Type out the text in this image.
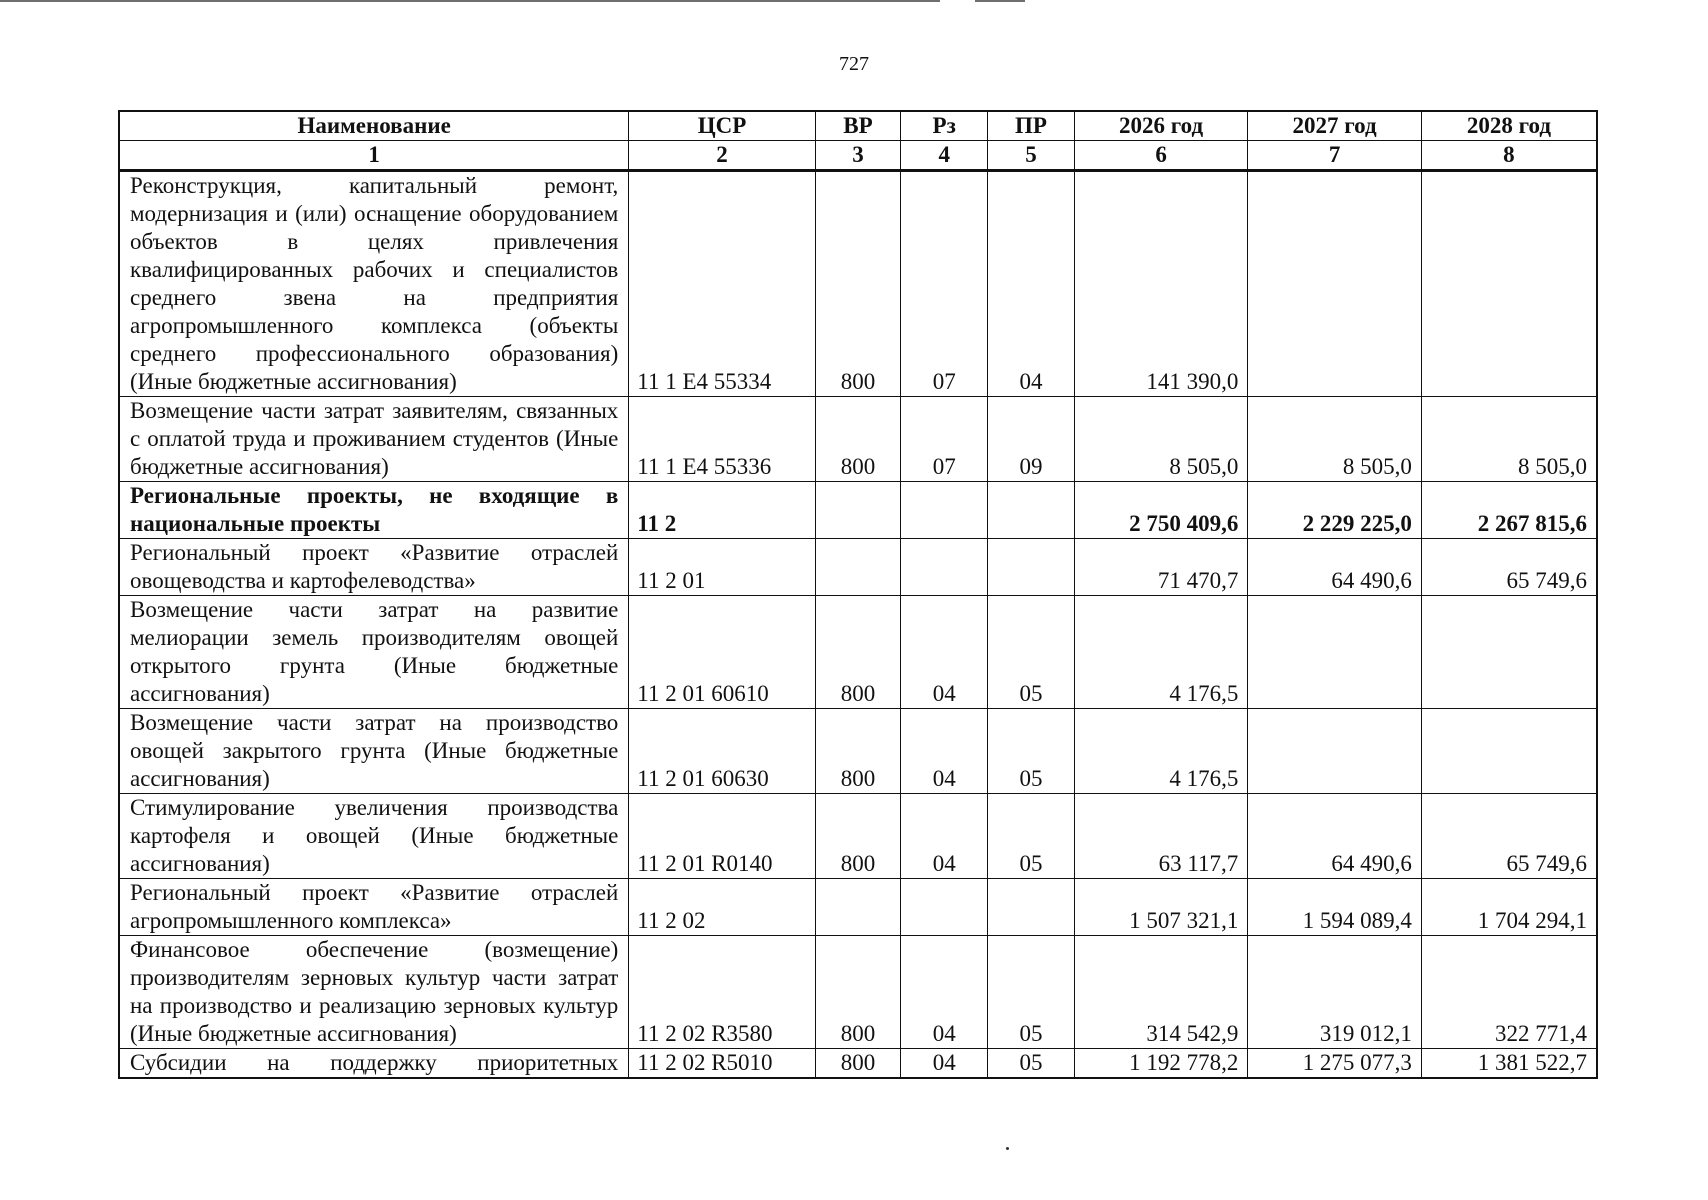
727
Наименование	ЦСР	ВР	Рз	ПР	2026 год	2027 год	2028 год
1	2	3	4	5	6	7	8
Реконструкция, капитальный ремонт, модернизация и (или) оснащение оборудованием объектов в целях привлечения квалифицированных рабочих и специалистов среднего звена на предприятия агропромышленного комплекса (объекты среднего профессионального образования) (Иные бюджетные ассигнования)	11 1 Е4 55334	800	07	04	141 390,0		
Возмещение части затрат заявителям, связанных с оплатой труда и проживанием студентов (Иные бюджетные ассигнования)	11 1 Е4 55336	800	07	09	8 505,0	8 505,0	8 505,0
Региональные проекты, не входящие в национальные проекты	11 2				2 750 409,6	2 229 225,0	2 267 815,6
Региональный проект «Развитие отраслей овощеводства и картофелеводства»	11 2 01				71 470,7	64 490,6	65 749,6
Возмещение части затрат на развитие мелиорации земель производителям овощей открытого грунта (Иные бюджетные ассигнования)	11 2 01 60610	800	04	05	4 176,5		
Возмещение части затрат на производство овощей закрытого грунта (Иные бюджетные ассигнования)	11 2 01 60630	800	04	05	4 176,5		
Стимулирование увеличения производства картофеля и овощей (Иные бюджетные ассигнования)	11 2 01 R0140	800	04	05	63 117,7	64 490,6	65 749,6
Региональный проект «Развитие отраслей агропромышленного комплекса»	11 2 02				1 507 321,1	1 594 089,4	1 704 294,1
Финансовое обеспечение (возмещение) производителям зерновых культур части затрат на производство и реализацию зерновых культур (Иные бюджетные ассигнования)	11 2 02 R3580	800	04	05	314 542,9	319 012,1	322 771,4
Субсидии на поддержку приоритетных	11 2 02 R5010	800	04	05	1 192 778,2	1 275 077,3	1 381 522,7
